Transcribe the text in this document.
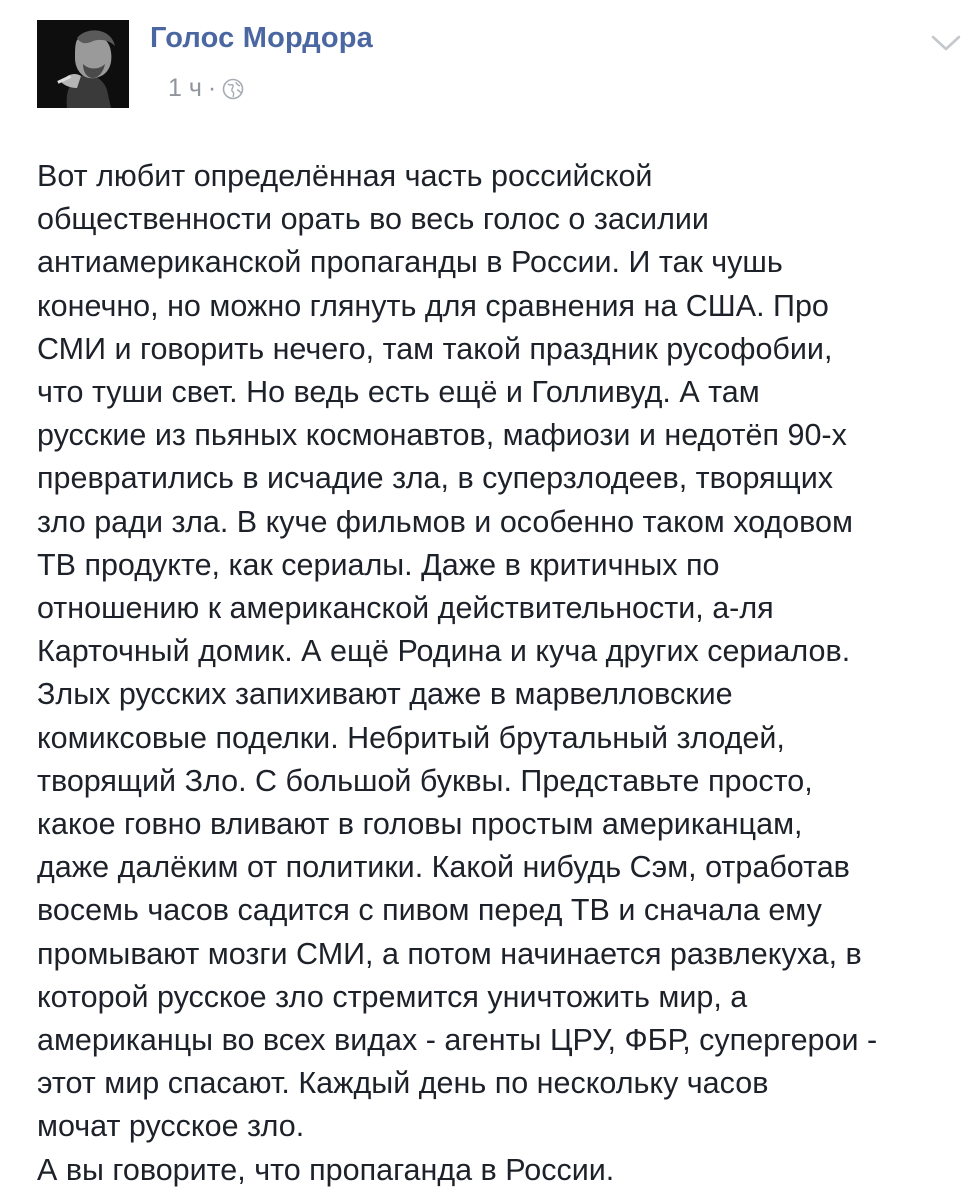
Голос Мордора
1 ч ·
Вот любит определённая часть российской
общественности орать во весь голос о засилии
антиамериканской пропаганды в России. И так чушь
конечно, но можно глянуть для сравнения на США. Про
СМИ и говорить нечего, там такой праздник русофобии,
что туши свет. Но ведь есть ещё и Голливуд. А там
русские из пьяных космонавтов, мафиози и недотёп 90-х
превратились в исчадие зла, в суперзлодеев, творящих
зло ради зла. В куче фильмов и особенно таком ходовом
ТВ продукте, как сериалы. Даже в критичных по
отношению к американской действительности, а-ля
Карточный домик. А ещё Родина и куча других сериалов.
Злых русских запихивают даже в марвелловские
комиксовые поделки. Небритый брутальный злодей,
творящий Зло. С большой буквы. Представьте просто,
какое говно вливают в головы простым американцам,
даже далёким от политики. Какой нибудь Сэм, отработав
восемь часов садится с пивом перед ТВ и сначала ему
промывают мозги СМИ, а потом начинается развлекуха, в
которой русское зло стремится уничтожить мир, а
американцы во всех видах - агенты ЦРУ, ФБР, супергерои -
этот мир спасают. Каждый день по нескольку часов
мочат русское зло.
А вы говорите, что пропаганда в России.
